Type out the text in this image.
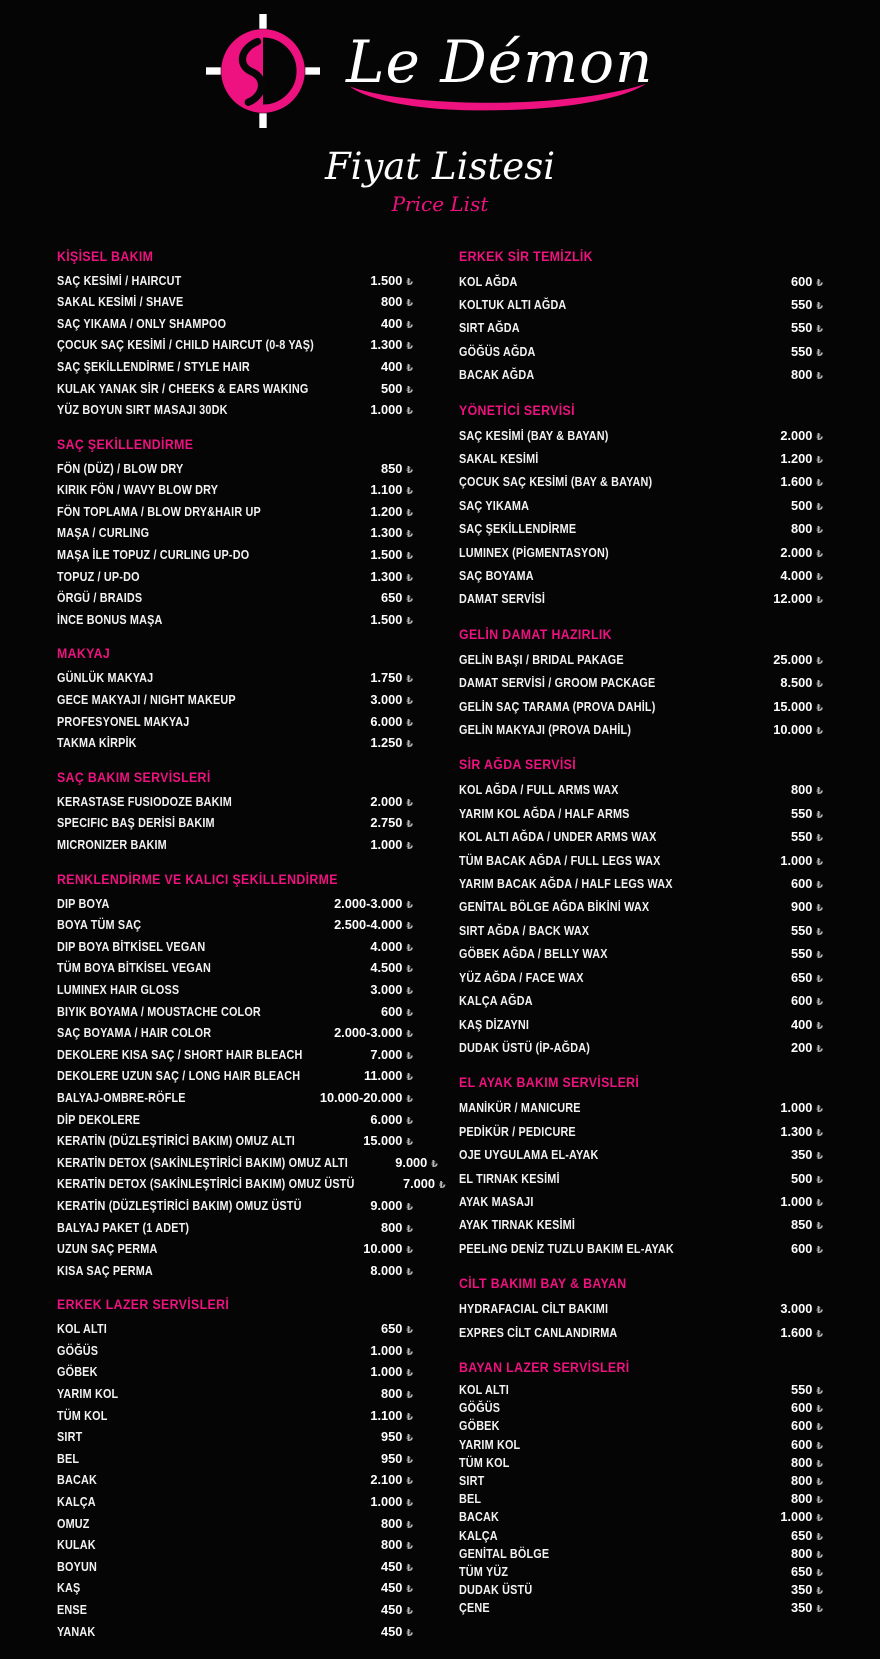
Le Démon
Fiyat Listesi
Price List
KİŞİSEL BAKIM
SAÇ KESİMİ / HAIRCUT	1.500 ₺
SAKAL KESİMİ / SHAVE	800 ₺
SAÇ YIKAMA / ONLY SHAMPOO	400 ₺
ÇOCUK SAÇ KESİMİ / CHILD HAIRCUT (0-8 YAŞ)	1.300 ₺
SAÇ ŞEKİLLENDİRME / STYLE HAIR	400 ₺
KULAK YANAK SİR / CHEEKS & EARS WAKING	500 ₺
YÜZ BOYUN SIRT MASAJI 30DK	1.000 ₺
SAÇ ŞEKİLLENDİRME
FÖN (DÜZ) / BLOW DRY	850 ₺
KIRIK FÖN / WAVY BLOW DRY	1.100 ₺
FÖN TOPLAMA / BLOW DRY&HAIR UP	1.200 ₺
MAŞA / CURLING	1.300 ₺
MAŞA İLE TOPUZ / CURLING UP-DO	1.500 ₺
TOPUZ / UP-DO	1.300 ₺
ÖRGÜ / BRAIDS	650 ₺
İNCE BONUS MAŞA	1.500 ₺
MAKYAJ
GÜNLÜK MAKYAJ	1.750 ₺
GECE MAKYAJI / NIGHT MAKEUP	3.000 ₺
PROFESYONEL MAKYAJ	6.000 ₺
TAKMA KİRPİK	1.250 ₺
SAÇ BAKIM SERVİSLERİ
KERASTASE FUSIODOZE BAKIM	2.000 ₺
SPECIFIC BAŞ DERİSİ BAKIM	2.750 ₺
MICRONIZER BAKIM	1.000 ₺
RENKLENDİRME VE KALICI ŞEKİLLENDİRME
DIP BOYA	2.000-3.000 ₺
BOYA TÜM SAÇ	2.500-4.000 ₺
DIP BOYA BİTKİSEL VEGAN	4.000 ₺
TÜM BOYA BİTKİSEL VEGAN	4.500 ₺
LUMINEX HAIR GLOSS	3.000 ₺
BIYIK BOYAMA / MOUSTACHE COLOR	600 ₺
SAÇ BOYAMA / HAIR COLOR	2.000-3.000 ₺
DEKOLERE KISA SAÇ / SHORT HAIR BLEACH	7.000 ₺
DEKOLERE UZUN SAÇ / LONG HAIR BLEACH	11.000 ₺
BALYAJ-OMBRE-RÖFLE	10.000-20.000 ₺
DİP DEKOLERE	6.000 ₺
KERATİN (DÜZLEŞTİRİCİ BAKIM) OMUZ ALTI	15.000 ₺
KERATİN DETOX (SAKİNLEŞTİRİCİ BAKIM) OMUZ ALTI	9.000 ₺
KERATİN DETOX (SAKİNLEŞTİRİCİ BAKIM) OMUZ ÜSTÜ	7.000 ₺
KERATİN (DÜZLEŞTİRİCİ BAKIM) OMUZ ÜSTÜ	9.000 ₺
BALYAJ PAKET (1 ADET)	800 ₺
UZUN SAÇ PERMA	10.000 ₺
KISA SAÇ PERMA	8.000 ₺
ERKEK LAZER SERVİSLERİ
KOL ALTI	650 ₺
GÖĞÜS	1.000 ₺
GÖBEK	1.000 ₺
YARIM KOL	800 ₺
TÜM KOL	1.100 ₺
SIRT	950 ₺
BEL	950 ₺
BACAK	2.100 ₺
KALÇA	1.000 ₺
OMUZ	800 ₺
KULAK	800 ₺
BOYUN	450 ₺
KAŞ	450 ₺
ENSE	450 ₺
YANAK	450 ₺
ERKEK SİR TEMİZLİK
KOL AĞDA	600 ₺
KOLTUK ALTI AĞDA	550 ₺
SIRT AĞDA	550 ₺
GÖĞÜS AĞDA	550 ₺
BACAK AĞDA	800 ₺
YÖNETİCİ SERVİSİ
SAÇ KESİMİ (BAY & BAYAN)	2.000 ₺
SAKAL KESİMİ	1.200 ₺
ÇOCUK SAÇ KESİMİ (BAY & BAYAN)	1.600 ₺
SAÇ YIKAMA	500 ₺
SAÇ ŞEKİLLENDİRME	800 ₺
LUMINEX (PİGMENTASYON)	2.000 ₺
SAÇ BOYAMA	4.000 ₺
DAMAT SERVİSİ	12.000 ₺
GELİN DAMAT HAZIRLIK
GELİN BAŞI / BRIDAL PAKAGE	25.000 ₺
DAMAT SERVİSİ / GROOM PACKAGE	8.500 ₺
GELİN SAÇ TARAMA (PROVA DAHİL)	15.000 ₺
GELİN MAKYAJI (PROVA DAHİL)	10.000 ₺
SİR AĞDA SERVİSİ
KOL AĞDA / FULL ARMS WAX	800 ₺
YARIM KOL AĞDA / HALF ARMS	550 ₺
KOL ALTI AĞDA / UNDER ARMS WAX	550 ₺
TÜM BACAK AĞDA / FULL LEGS WAX	1.000 ₺
YARIM BACAK AĞDA / HALF LEGS WAX	600 ₺
GENİTAL BÖLGE AĞDA BİKİNİ WAX	900 ₺
SIRT AĞDA / BACK WAX	550 ₺
GÖBEK AĞDA / BELLY WAX	550 ₺
YÜZ AĞDA / FACE WAX	650 ₺
KALÇA AĞDA	600 ₺
KAŞ DİZAYNI	400 ₺
DUDAK ÜSTÜ (İP-AĞDA)	200 ₺
EL AYAK BAKIM SERVİSLERİ
MANİKÜR / MANICURE	1.000 ₺
PEDİKÜR / PEDICURE	1.300 ₺
OJE UYGULAMA EL-AYAK	350 ₺
EL TIRNAK KESİMİ	500 ₺
AYAK MASAJI	1.000 ₺
AYAK TIRNAK KESİMİ	850 ₺
PEELıNG DENİZ TUZLU BAKIM EL-AYAK	600 ₺
CİLT BAKIMI BAY & BAYAN
HYDRAFACIAL CİLT BAKIMI	3.000 ₺
EXPRES CİLT CANLANDIRMA	1.600 ₺
BAYAN LAZER SERVİSLERİ
KOL ALTI	550 ₺
GÖĞÜS	600 ₺
GÖBEK	600 ₺
YARIM KOL	600 ₺
TÜM KOL	800 ₺
SIRT	800 ₺
BEL	800 ₺
BACAK	1.000 ₺
KALÇA	650 ₺
GENİTAL BÖLGE	800 ₺
TÜM YÜZ	650 ₺
DUDAK ÜSTÜ	350 ₺
ÇENE	350 ₺
